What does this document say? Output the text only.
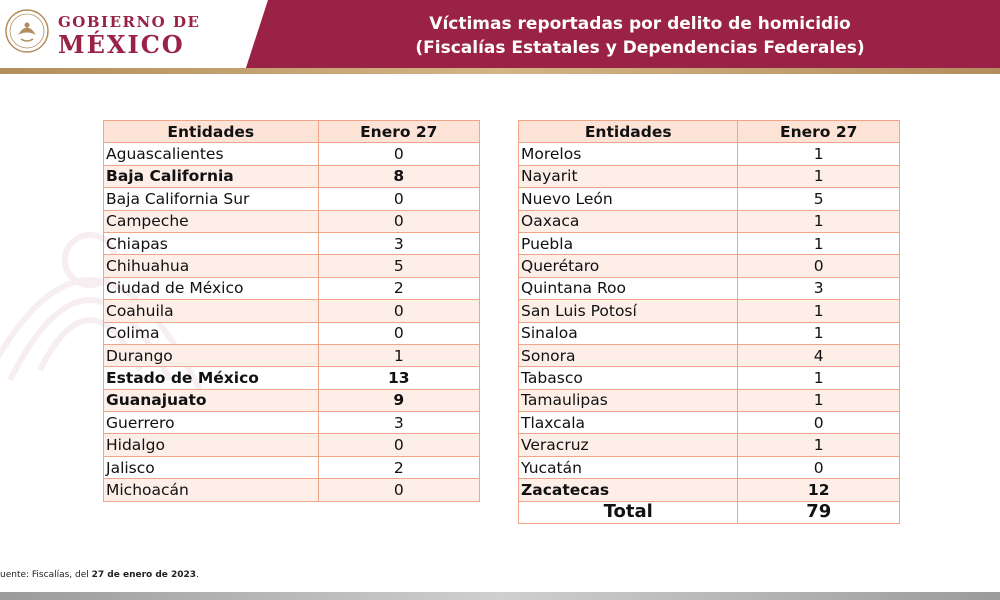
GOBIERNO DE
MÉXICO
Víctimas reportadas por delito de homicidio
(Fiscalías Estatales y Dependencias Federales)
Entidades	Enero 27
Aguascalientes	0
Baja California	8
Baja California Sur	0
Campeche	0
Chiapas	3
Chihuahua	5
Ciudad de México	2
Coahuila	0
Colima	0
Durango	1
Estado de México	13
Guanajuato	9
Guerrero	3
Hidalgo	0
Jalisco	2
Michoacán	0
Entidades	Enero 27
Morelos	1
Nayarit	1
Nuevo León	5
Oaxaca	1
Puebla	1
Querétaro	0
Quintana Roo	3
San Luis Potosí	1
Sinaloa	1
Sonora	4
Tabasco	1
Tamaulipas	1
Tlaxcala	0
Veracruz	1
Yucatán	0
Zacatecas	12
Total	79
uente: Fiscalías, del 27 de enero de 2023.
